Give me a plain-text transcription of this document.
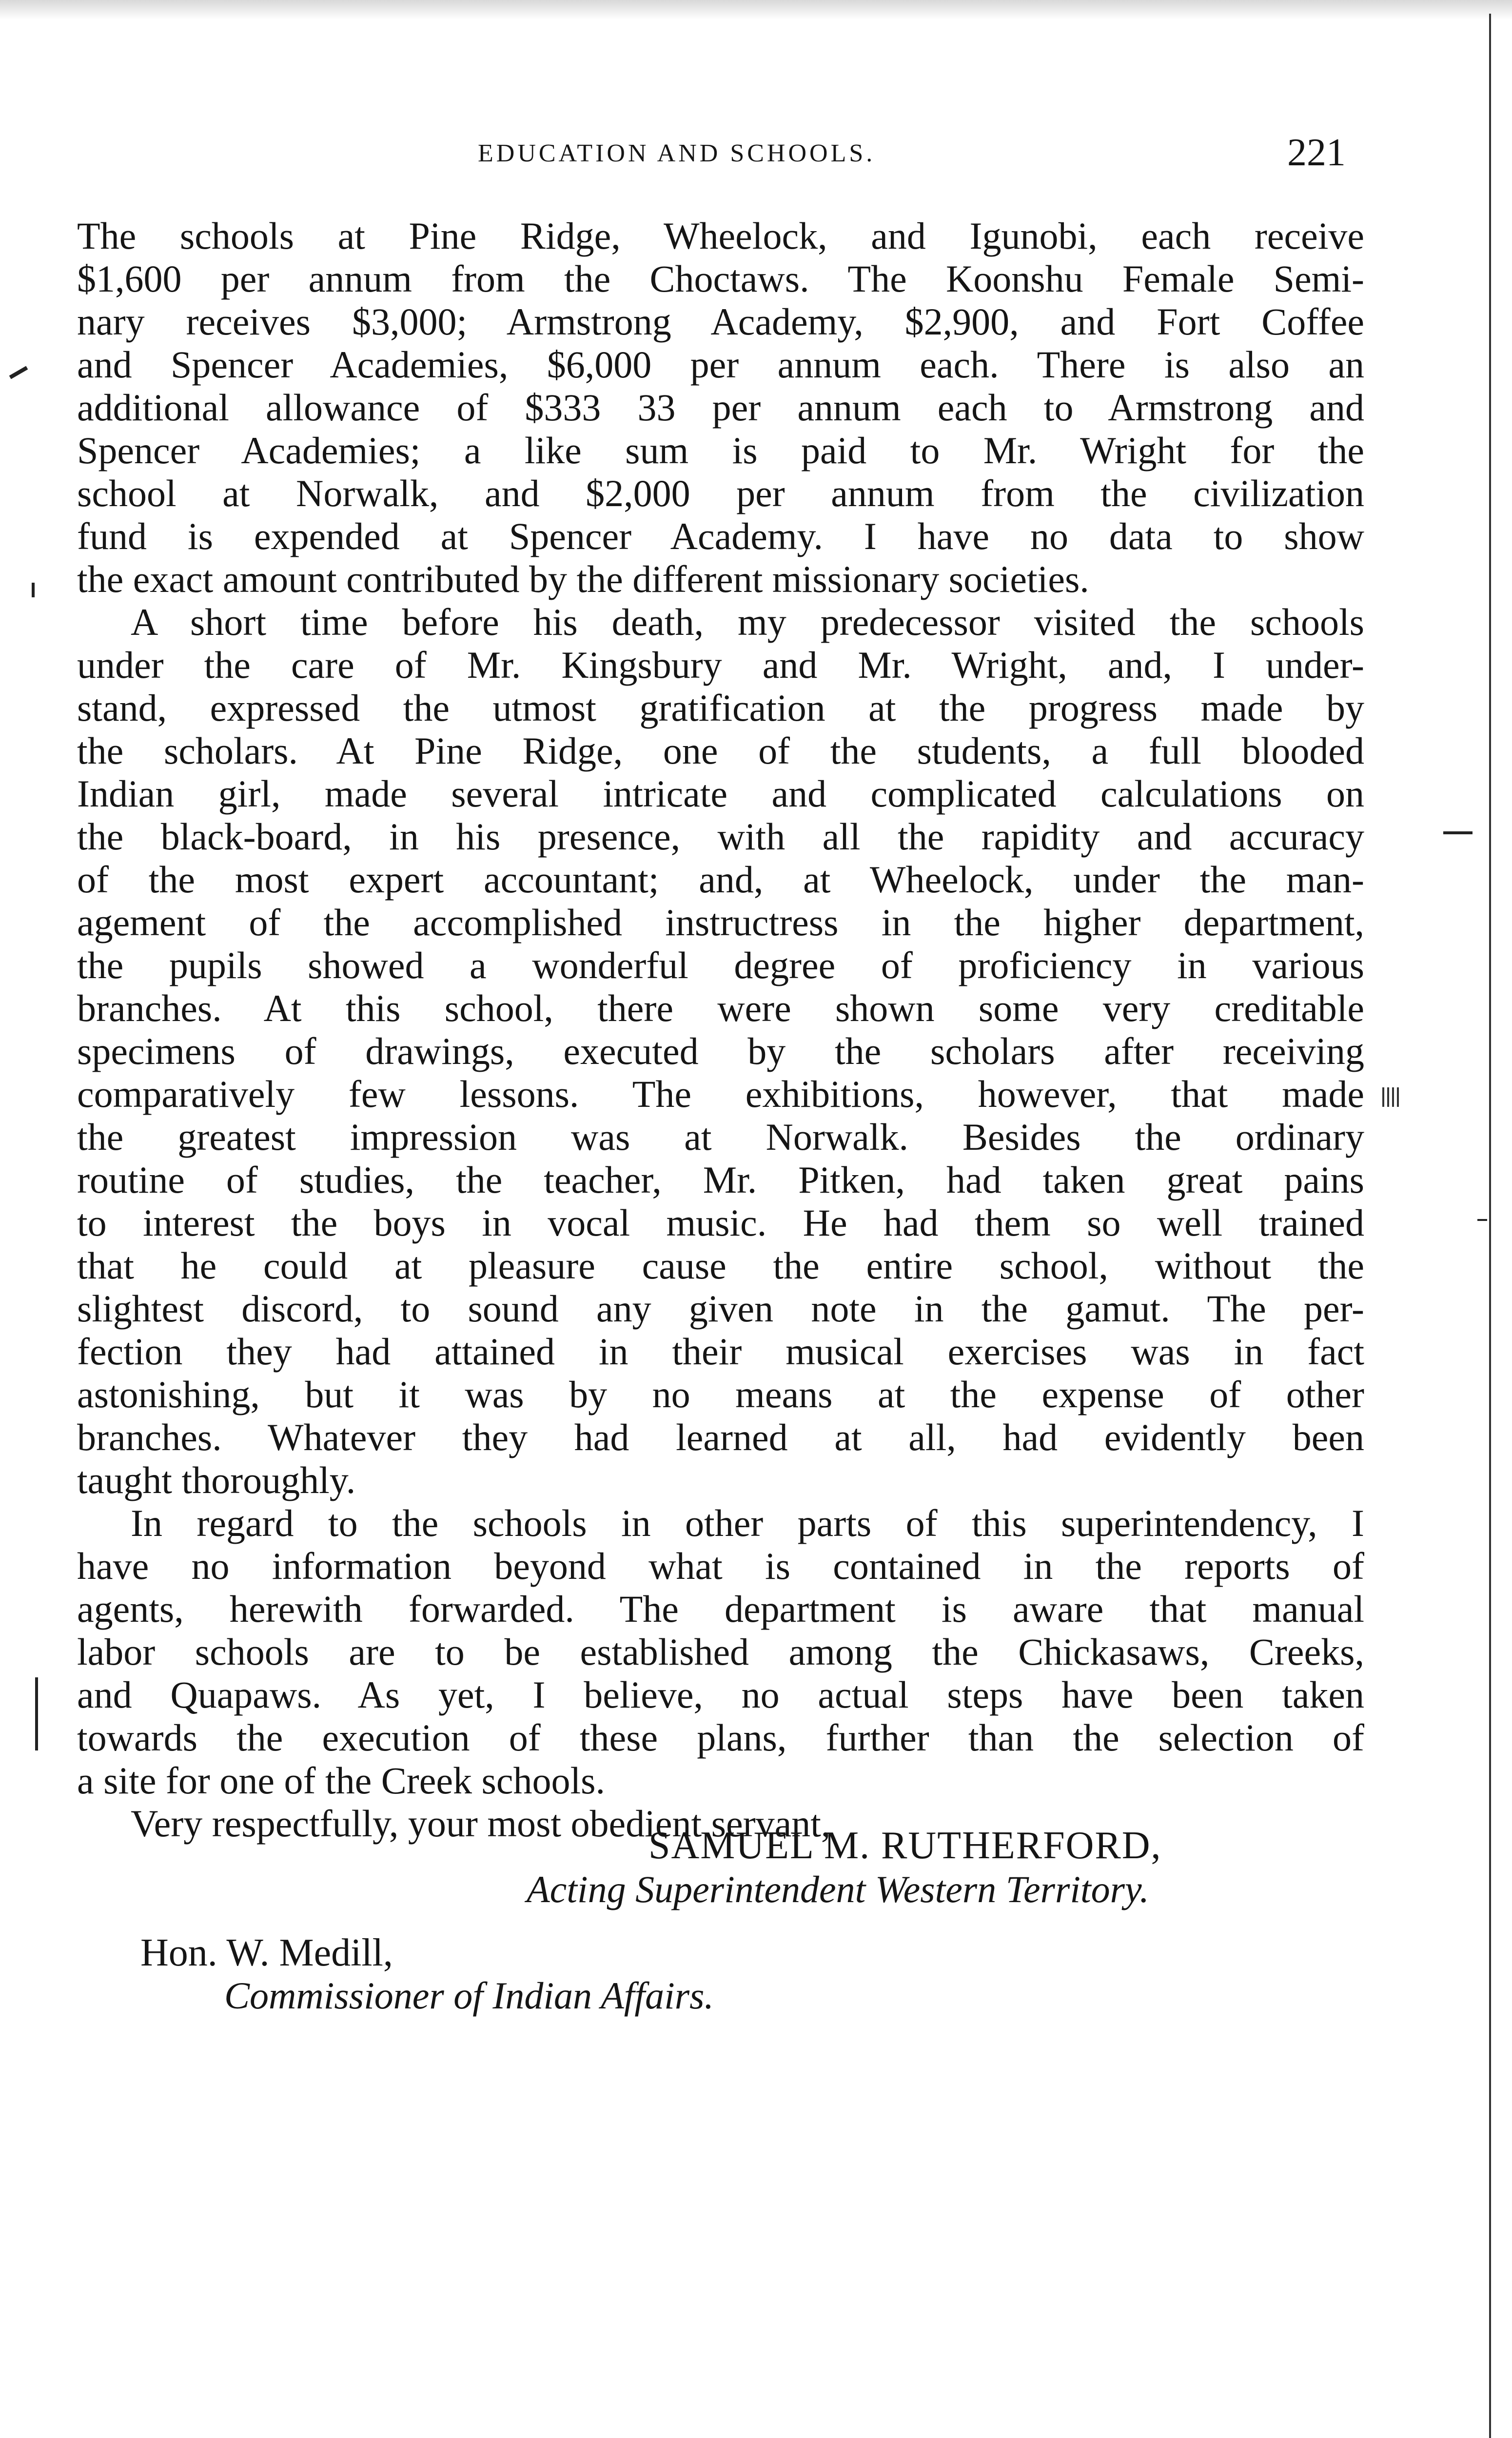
EDUCATION AND SCHOOLS.	221
The schools at Pine Ridge, Wheelock, and Igunobi, each receive
$1,600 per annum from the Choctaws. The Koonshu Female Semi-
nary receives $3,000; Armstrong Academy, $2,900, and Fort Coffee
and Spencer Academies, $6,000 per annum each. There is also an
additional allowance of $333 33 per annum each to Armstrong and
Spencer Academies; a like sum is paid to Mr. Wright for the
school at Norwalk, and $2,000 per annum from the civilization
fund is expended at Spencer Academy. I have no data to show
the exact amount contributed by the different missionary societies.
A short time before his death, my predecessor visited the schools
under the care of Mr. Kingsbury and Mr. Wright, and, I under-
stand, expressed the utmost gratification at the progress made by
the scholars. At Pine Ridge, one of the students, a full blooded
Indian girl, made several intricate and complicated calculations on
the black-board, in his presence, with all the rapidity and accuracy
of the most expert accountant; and, at Wheelock, under the man-
agement of the accomplished instructress in the higher department,
the pupils showed a wonderful degree of proficiency in various
branches. At this school, there were shown some very creditable
specimens of drawings, executed by the scholars after receiving
comparatively few lessons. The exhibitions, however, that made
the greatest impression was at Norwalk. Besides the ordinary
routine of studies, the teacher, Mr. Pitken, had taken great pains
to interest the boys in vocal music. He had them so well trained
that he could at pleasure cause the entire school, without the
slightest discord, to sound any given note in the gamut. The per-
fection they had attained in their musical exercises was in fact
astonishing, but it was by no means at the expense of other
branches. Whatever they had learned at all, had evidently been
taught thoroughly.
In regard to the schools in other parts of this superintendency, I
have no information beyond what is contained in the reports of
agents, herewith forwarded. The department is aware that manual
labor schools are to be established among the Chickasaws, Creeks,
and Quapaws. As yet, I believe, no actual steps have been taken
towards the execution of these plans, further than the selection of
a site for one of the Creek schools.
Very respectfully, your most obedient servant,
SAMUEL M. RUTHERFORD,
Acting Superintendent Western Territory.
Hon. W. Medill,
Commissioner of Indian Affairs.
